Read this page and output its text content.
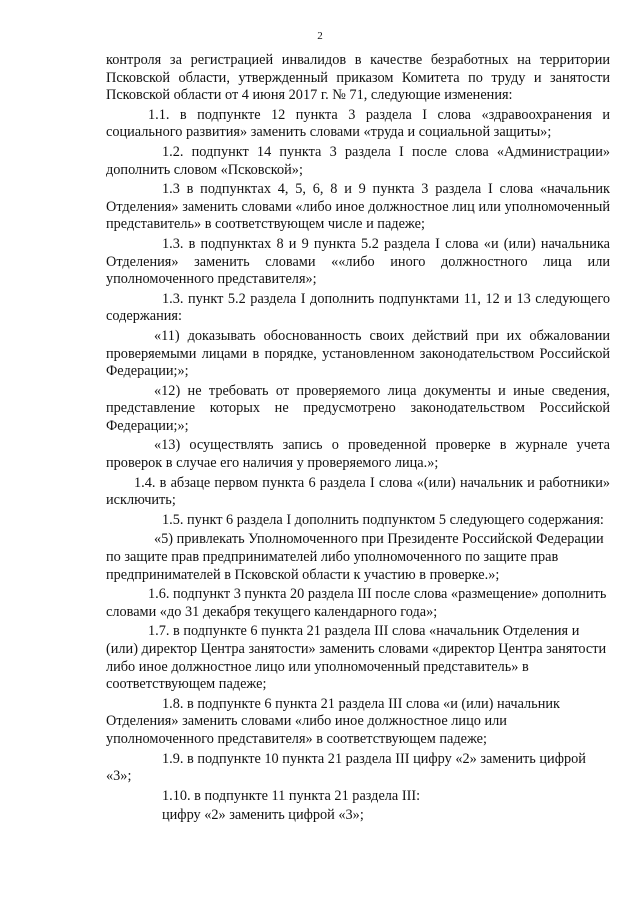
2

контроля за регистрацией инвалидов в качестве безработных на территории Псковской области, утвержденный приказом Комитета по труду и занятости Псковской области от 4 июня 2017 г. № 71, следующие изменения:

1.1. в подпункте 12 пункта 3 раздела I слова «здравоохранения и социального развития» заменить словами «труда и социальной защиты»;

1.2. подпункт 14 пункта 3 раздела I после слова «Администрации» дополнить словом «Псковской»;

1.3 в подпунктах 4, 5, 6, 8 и 9 пункта 3 раздела I слова «начальник Отделения» заменить словами «либо иное должностное лиц или уполномоченный представитель» в соответствующем числе и падеже;

1.3. в подпунктах 8 и 9 пункта 5.2 раздела I слова «и (или) начальника Отделения» заменить словами ««либо иного должностного лица или уполномоченного представителя»;

1.3. пункт 5.2 раздела I дополнить подпунктами 11, 12 и 13 следующего содержания:

«11) доказывать обоснованность своих действий при их обжаловании проверяемыми лицами в порядке, установленном законодательством Российской Федерации;»;

«12) не требовать от проверяемого лица документы и иные сведения, представление которых не предусмотрено законодательством Российской Федерации;»;

«13) осуществлять запись о проведенной проверке в журнале учета проверок в случае его наличия у проверяемого лица.»;

1.4. в абзаце первом пункта 6 раздела I слова «(или) начальник и работники» исключить;

1.5. пункт 6 раздела I дополнить подпунктом 5 следующего содержания:

«5) привлекать Уполномоченного при Президенте Российской Федерации по защите прав предпринимателей либо уполномоченного по защите прав предпринимателей в Псковской области к участию в проверке.»;

1.6. подпункт 3 пункта 20 раздела III после слова «размещение» дополнить словами «до 31 декабря текущего календарного года»;

1.7. в подпункте 6 пункта 21 раздела III слова «начальник Отделения и (или) директор Центра занятости» заменить словами «директор Центра занятости либо иное должностное лицо или уполномоченный представитель» в соответствующем падеже;

1.8. в подпункте 6 пункта 21 раздела III слова «и (или) начальник Отделения» заменить словами «либо иное должностное лицо или уполномоченного представителя» в соответствующем падеже;

1.9. в подпункте 10 пункта 21 раздела III цифру «2» заменить цифрой «3»;

1.10. в подпункте 11 пункта 21 раздела III:

цифру «2» заменить цифрой «3»;
